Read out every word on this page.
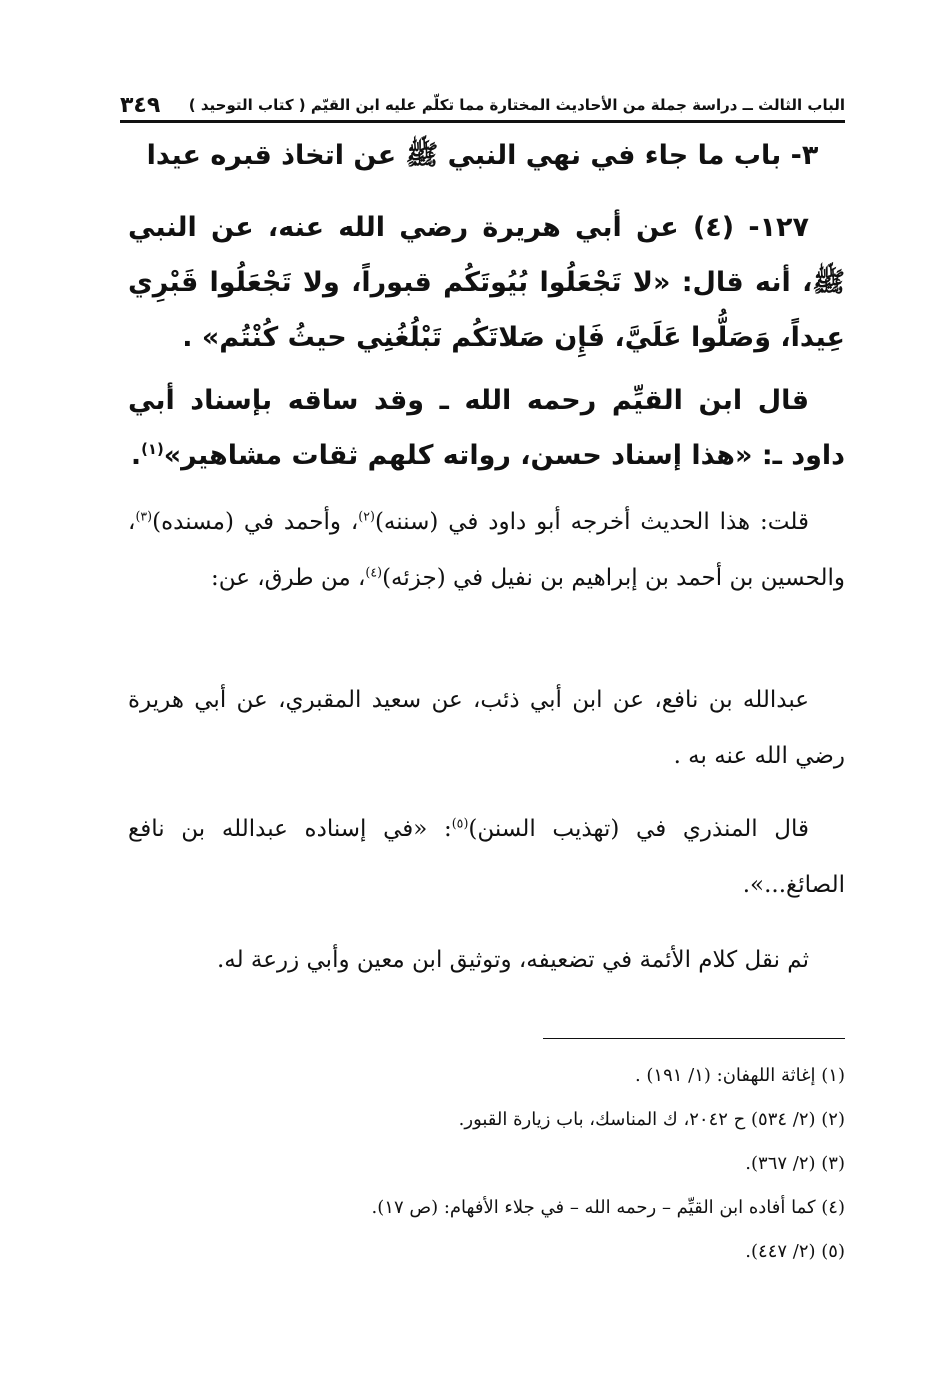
الباب الثالث ــ دراسة جملة من الأحاديث المختارة مما تكلّم عليه ابن القيّم ( كتاب التوحيد )
٣٤٩
٣- باب ما جاء في نهي النبي ﷺ عن اتخاذ قبره عيدا
١٢٧- (٤) عن أبي هريرة رضي الله عنه، عن النبي ﷺ، أنه قال: «لا تَجْعَلُوا بُيُوتَكُم قبوراً، ولا تَجْعَلُوا قَبْرِي عِيداً، وَصَلُّوا عَلَيَّ، فَإِن صَلاتَكُم تَبْلُغُنِي حيثُ كُنْتُم» .
قال ابن القيِّم رحمه الله ـ وقد ساقه بإسناد أبي داود ـ: «هذا إسناد حسن، رواته كلهم ثقات مشاهير»$^{(١)}$.
قلت: هذا الحديث أخرجه أبو داود في (سننه)$^{(٢)}$، وأحمد في (مسنده)$^{(٣)}$، والحسين بن أحمد بن إبراهيم بن نفيل في (جزئه)$^{(٤)}$، من طرق، عن:
عبدالله بن نافع، عن ابن أبي ذئب، عن سعيد المقبري، عن أبي هريرة رضي الله عنه به .
قال المنذري في (تهذيب السنن)$^{(٥)}$: «في إسناده عبدالله بن نافع الصائغ...».
ثم نقل كلام الأئمة في تضعيفه، وتوثيق ابن معين وأبي زرعة له.
(١) إغاثة اللهفان: (١/ ١٩١) .
(٢) (٢/ ٥٣٤) ح ٢٠٤٢، ك المناسك، باب زيارة القبور.
(٣) (٢/ ٣٦٧).
(٤) كما أفاده ابن القيِّم – رحمه الله – في جلاء الأفهام: (ص ١٧).
(٥) (٢/ ٤٤٧).
